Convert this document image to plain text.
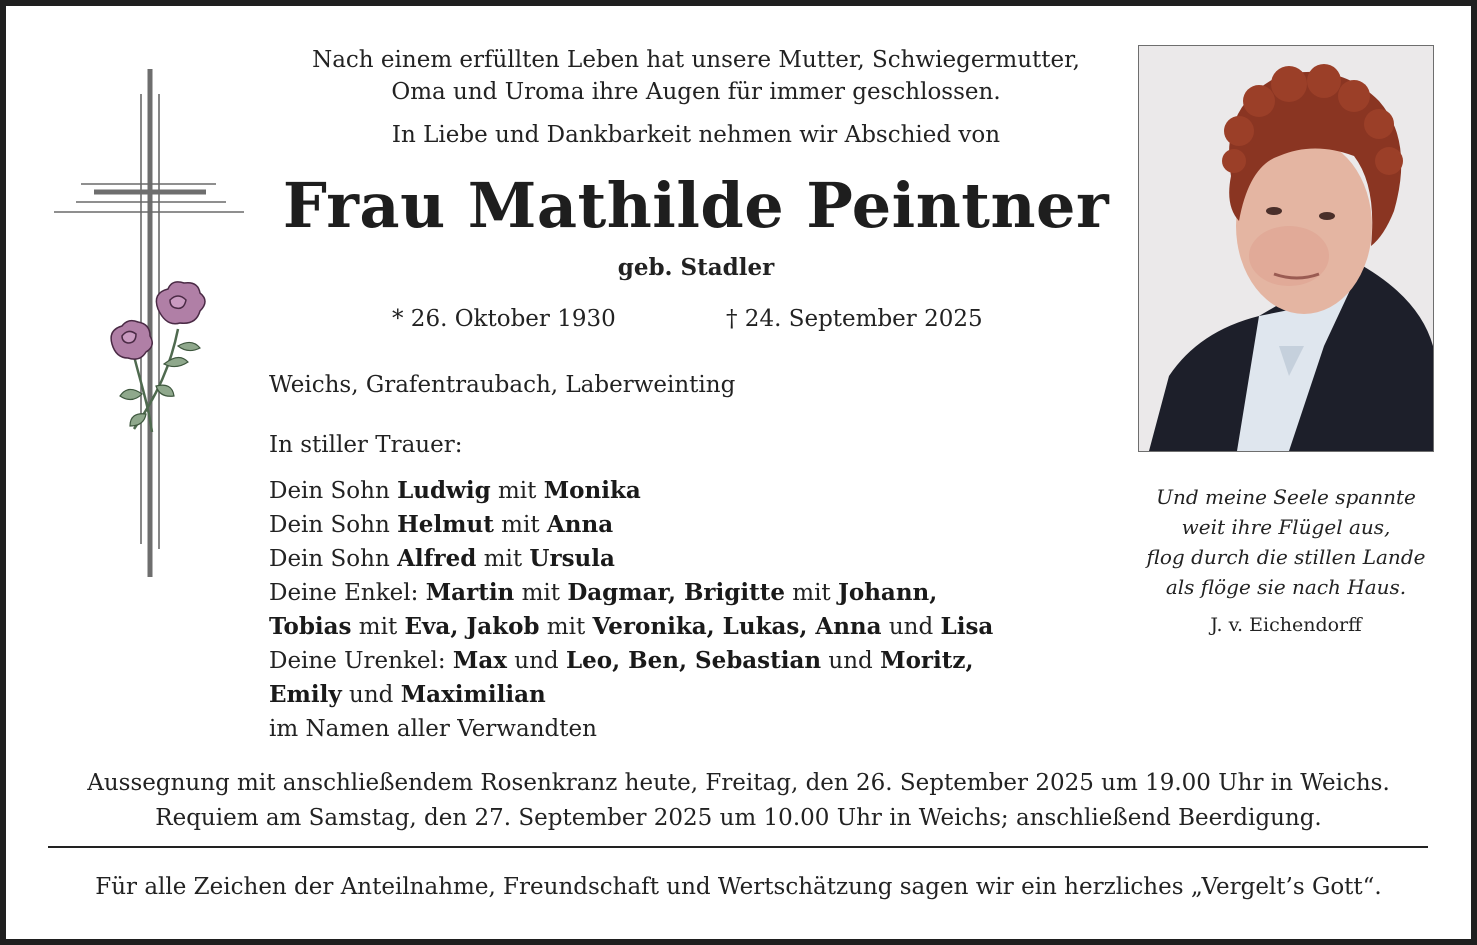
Nach einem erfüllten Leben hat unsere Mutter, Schwiegermutter,
Oma und Uroma ihre Augen für immer geschlossen.
In Liebe und Dankbarkeit nehmen wir Abschied von
Frau Mathilde Peintner
geb. Stadler
* 26. Oktober 1930	† 24. September 2025
Weichs, Grafentraubach, Laberweinting
In stiller Trauer:
Dein Sohn Ludwig mit Monika
Dein Sohn Helmut mit Anna
Dein Sohn Alfred mit Ursula
Deine Enkel: Martin mit Dagmar, Brigitte mit Johann,
Tobias mit Eva, Jakob mit Veronika, Lukas, Anna und Lisa
Deine Urenkel: Max und Leo, Ben, Sebastian und Moritz,
Emily und Maximilian
im Namen aller Verwandten
Und meine Seele spannte
weit ihre Flügel aus,
flog durch die stillen Lande
als flöge sie nach Haus.
J. v. Eichendorff
Aussegnung mit anschließendem Rosenkranz heute, Freitag, den 26. September 2025 um 19.00 Uhr in Weichs.
Requiem am Samstag, den 27. September 2025 um 10.00 Uhr in Weichs; anschließend Beerdigung.
Für alle Zeichen der Anteilnahme, Freundschaft und Wertschätzung sagen wir ein herzliches „Vergelt’s Gott“.
